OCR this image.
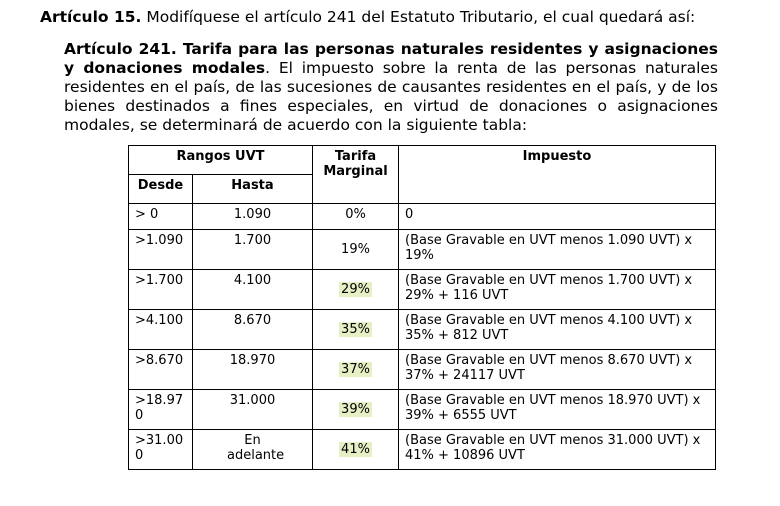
Artículo 15. Modifíquese el artículo 241 del Estatuto Tributario, el cual quedará así:
Artículo 241. Tarifa para las personas naturales residentes y asignaciones y donaciones modales. El impuesto sobre la renta de las personas naturales residentes en el país, de las sucesiones de causantes residentes en el país, y de los bienes destinados a fines especiales, en virtud de donaciones o asignaciones modales, se determinará de acuerdo con la siguiente tabla:
Rangos UVT		Tarifa Marginal	Impuesto
Desde	Hasta		
> 0	1.090	0%	0
>1.090	1.700	19%	(Base Gravable en UVT menos 1.090 UVT) x 19%
>1.700	4.100	29%	(Base Gravable en UVT menos 1.700 UVT) x 29% + 116 UVT
>4.100	8.670	35%	(Base Gravable en UVT menos 4.100 UVT) x 35% + 812 UVT
>8.670	18.970	37%	(Base Gravable en UVT menos 8.670 UVT) x 37% + 24117 UVT
>18.970	31.000	39%	(Base Gravable en UVT menos 18.970 UVT) x 39% + 6555 UVT
>31.000	En adelante	41%	(Base Gravable en UVT menos 31.000 UVT) x 41% + 10896 UVT
